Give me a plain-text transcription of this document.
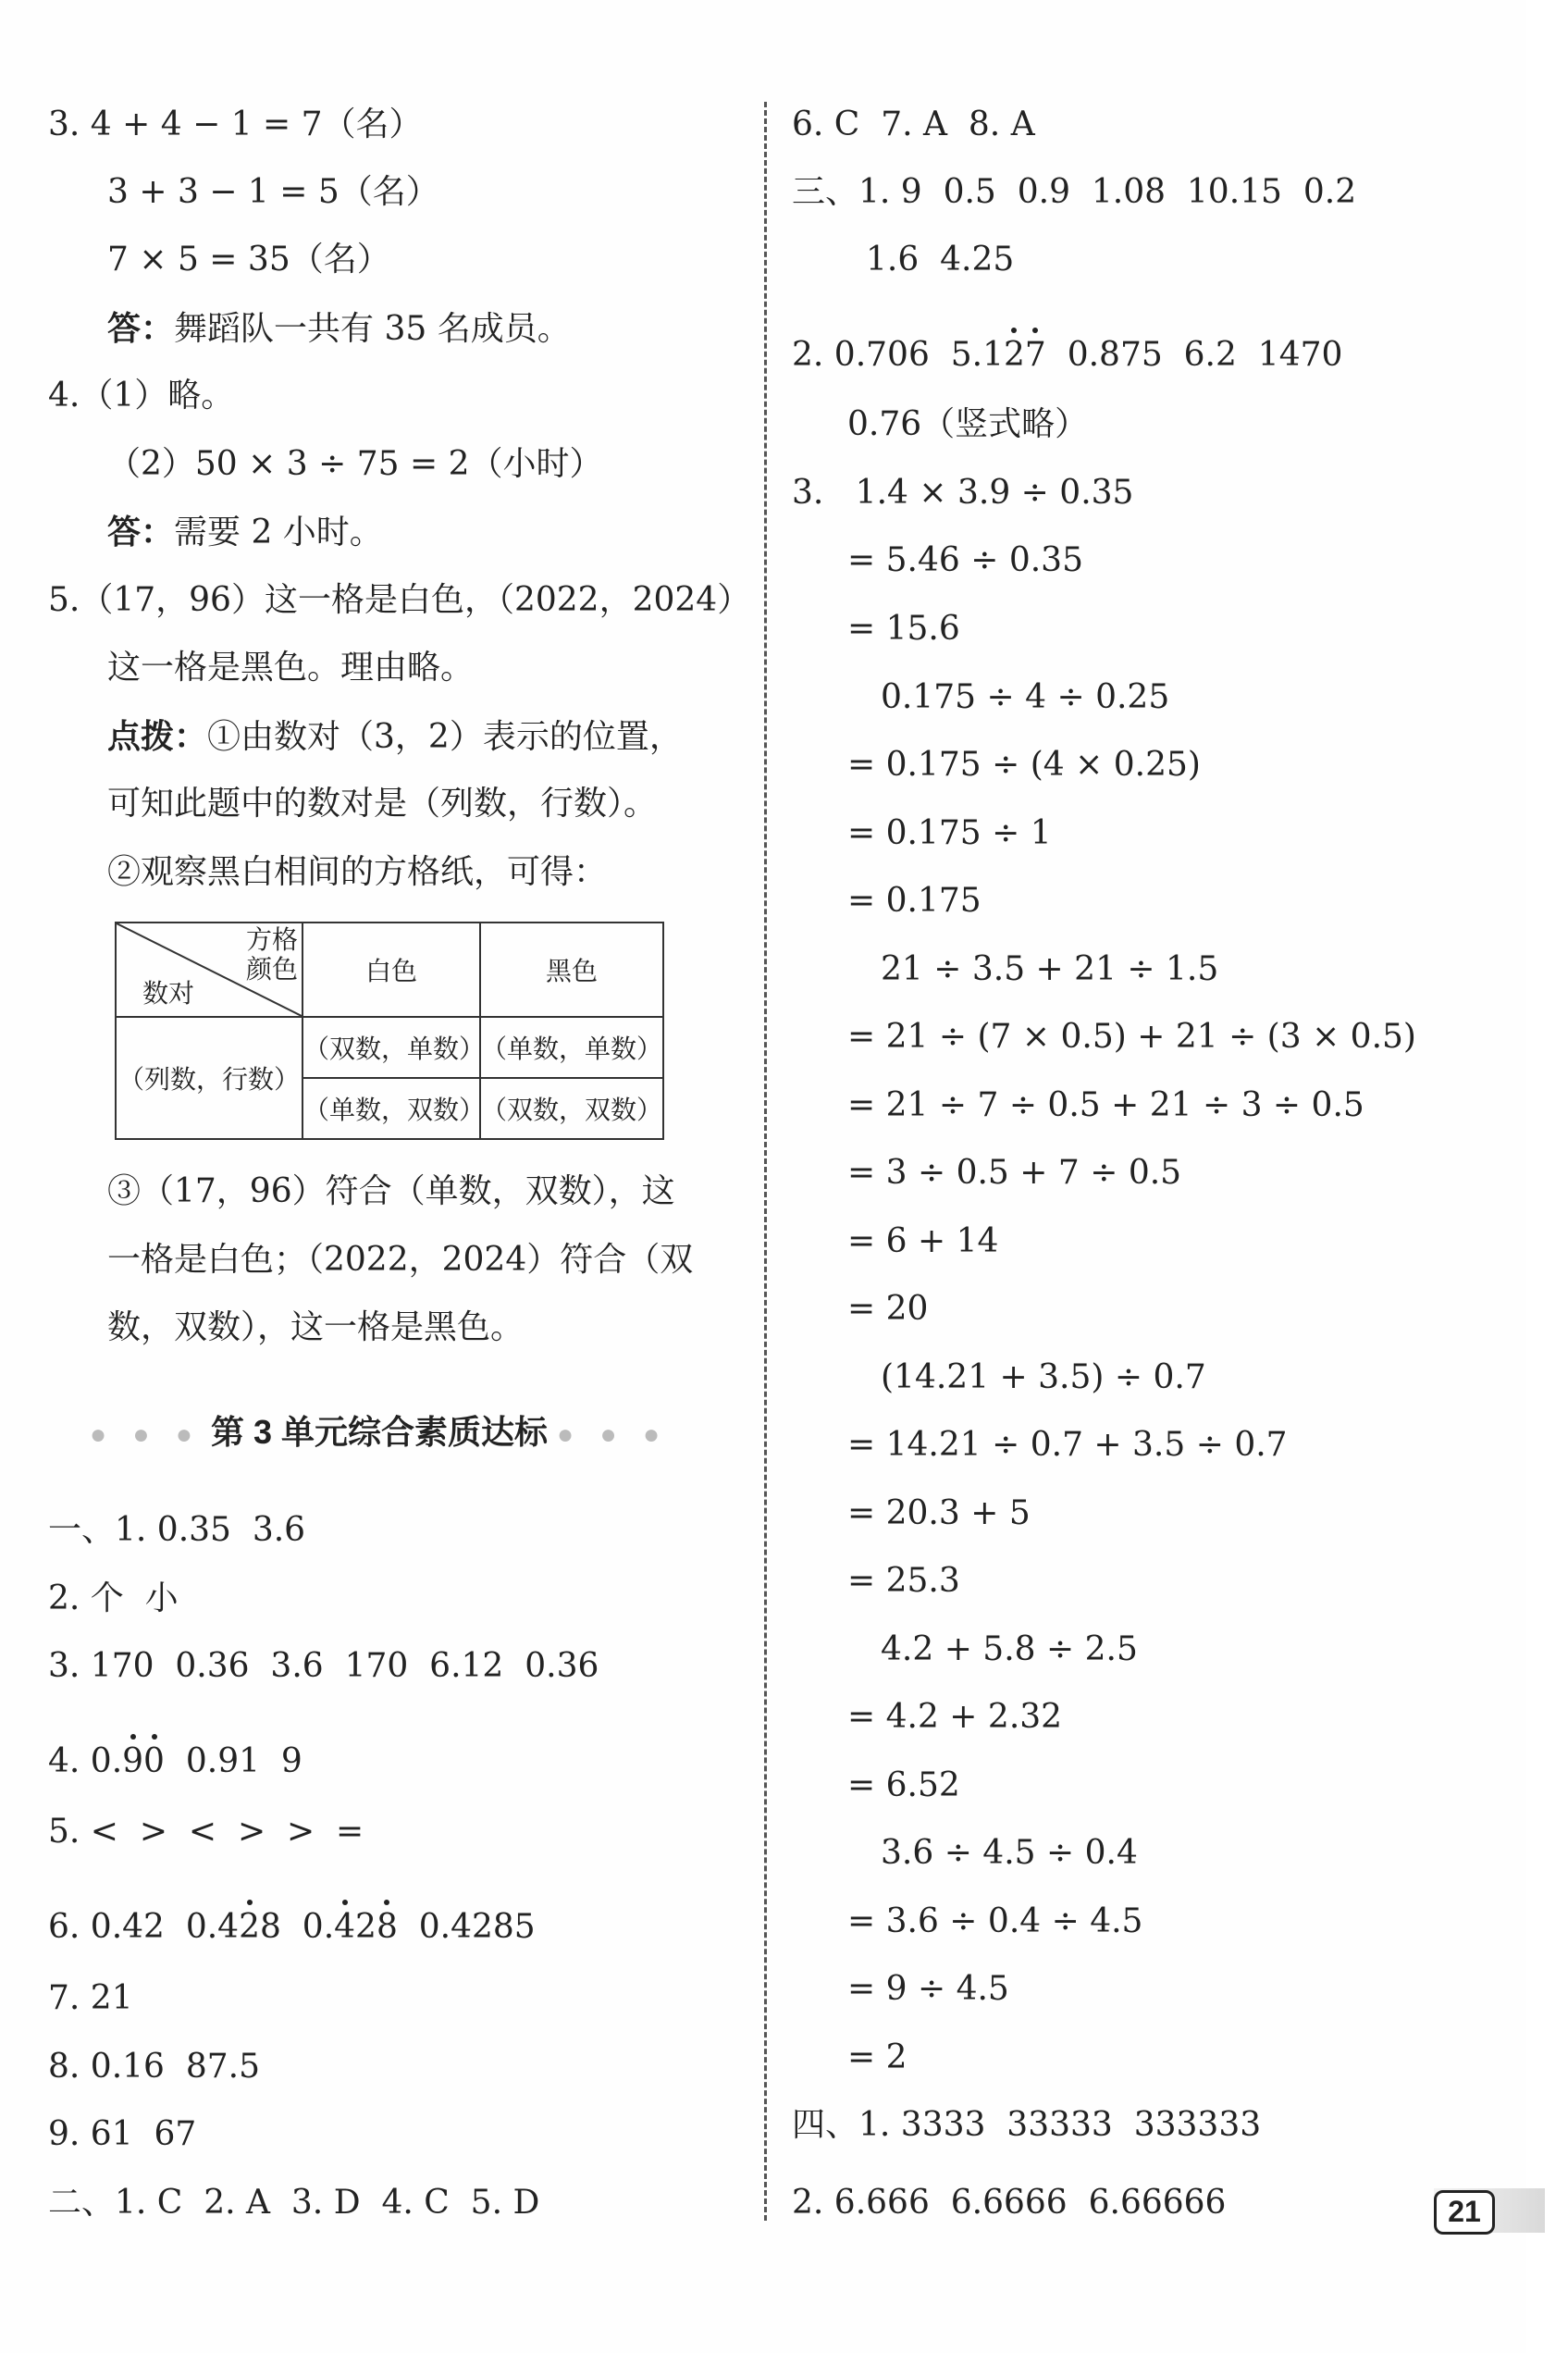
3. 4 + 4 − 1 = 7（名）
3 + 3 − 1 = 5（名）
7 × 5 = 35（名）
答：舞蹈队一共有 35 名成员。
4.（1）略。
（2）50 × 3 ÷ 75 = 2（小时）
答：需要 2 小时。
5.（17，96）这一格是白色，（2022，2024）
这一格是黑色。理由略。
点拨：①由数对（3，2）表示的位置，
可知此题中的数对是（列数，行数）。
②观察黑白相间的方格纸，可得：
③（17，96）符合（单数，双数），这
一格是白色；（2022，2024）符合（双
数，双数），这一格是黑色。
方格
颜色
数对	白色	黑色
（列数，行数）	（双数，单数）	（单数，单数）
	（单数，双数）	（双数，双数）
● ● ● 第 3 单元综合素质达标 ● ● ●
一、1. 0.35  3.6
2. 个  小
3. 170  0.36  3.6  170  6.12  0.36
4. 0.90  0.91  9
5. <  >  <  >  >  =
6. 0.42  0.428  0.428  0.4285
7. 21
8. 0.16  87.5
9. 61  67
二、1. C  2. A  3. D  4. C  5. D
6. C  7. A  8. A
三、1. 9  0.5  0.9  1.08  10.15  0.2
1.6  4.25
2. 0.706  5.127  0.875  6.2  1470
0.76（竖式略）
3.   1.4 × 3.9 ÷ 0.35
= 5.46 ÷ 0.35
= 15.6
0.175 ÷ 4 ÷ 0.25
= 0.175 ÷ (4 × 0.25)
= 0.175 ÷ 1
= 0.175
21 ÷ 3.5 + 21 ÷ 1.5
= 21 ÷ (7 × 0.5) + 21 ÷ (3 × 0.5)
= 21 ÷ 7 ÷ 0.5 + 21 ÷ 3 ÷ 0.5
= 3 ÷ 0.5 + 7 ÷ 0.5
= 6 + 14
= 20
(14.21 + 3.5) ÷ 0.7
= 14.21 ÷ 0.7 + 3.5 ÷ 0.7
= 20.3 + 5
= 25.3
4.2 + 5.8 ÷ 2.5
= 4.2 + 2.32
= 6.52
3.6 ÷ 4.5 ÷ 0.4
= 3.6 ÷ 0.4 ÷ 4.5
= 9 ÷ 4.5
= 2
四、1. 3333  33333  333333
2. 6.666  6.6666  6.66666	21
